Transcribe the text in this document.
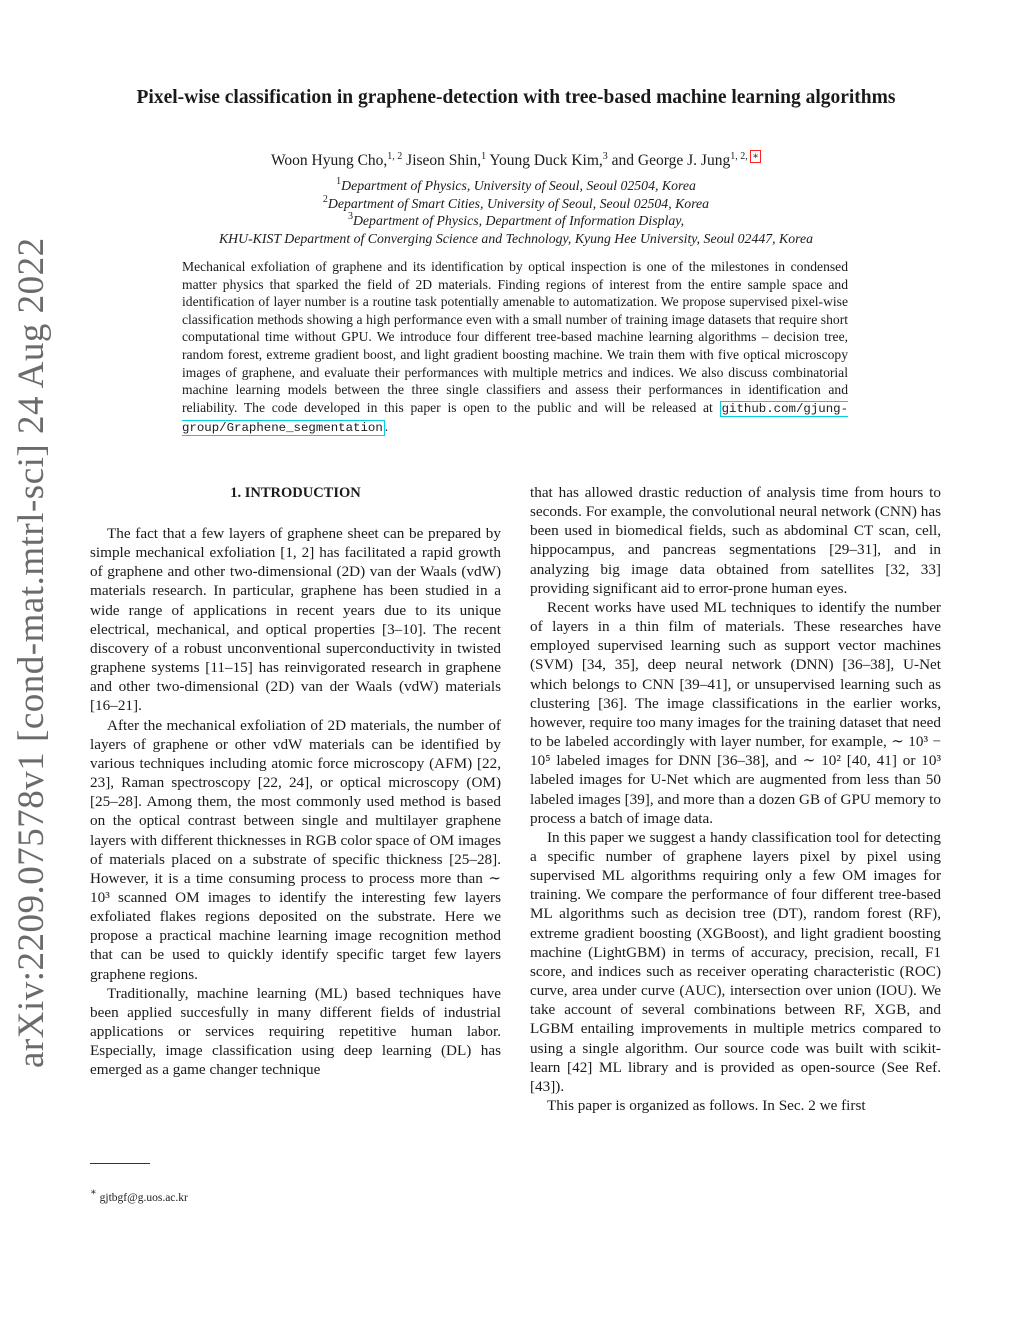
arXiv:2209.07578v1 [cond-mat.mtrl-sci] 24 Aug 2022
Pixel-wise classification in graphene-detection with tree-based machine learning algorithms
Woon Hyung Cho,$^{1, 2}$ Jiseon Shin,$^1$ Young Duck Kim,$^3$ and George J. Jung$^{1, 2, ∗}$
$^1$Department of Physics, University of Seoul, Seoul 02504, Korea
$^2$Department of Smart Cities, University of Seoul, Seoul 02504, Korea
$^3$Department of Physics, Department of Information Display,
KHU-KIST Department of Converging Science and Technology, Kyung Hee University, Seoul 02447, Korea
Mechanical exfoliation of graphene and its identification by optical inspection is one of the milestones in condensed matter physics that sparked the field of 2D materials. Finding regions of interest from the entire sample space and identification of layer number is a routine task potentially amenable to automatization. We propose supervised pixel-wise classification methods showing a high performance even with a small number of training image datasets that require short computational time without GPU. We introduce four different tree-based machine learning algorithms – decision tree, random forest, extreme gradient boost, and light gradient boosting machine. We train them with five optical microscopy images of graphene, and evaluate their performances with multiple metrics and indices. We also discuss combinatorial machine learning models between the three single classifiers and assess their performances in identification and reliability. The code developed in this paper is open to the public and will be released at github.com/gjung-group/Graphene_segmentation .
1. INTRODUCTION

The fact that a few layers of graphene sheet can be prepared by simple mechanical exfoliation [1, 2] has facilitated a rapid growth of graphene and other two-dimensional (2D) van der Waals (vdW) materials research. In particular, graphene has been studied in a wide range of applications in recent years due to its unique electrical, mechanical, and optical properties [3–10]. The recent discovery of a robust unconventional superconductivity in twisted graphene systems [11–15] has reinvigorated research in graphene and other two-dimensional (2D) van der Waals (vdW) materials [16–21].

After the mechanical exfoliation of 2D materials, the number of layers of graphene or other vdW materials can be identified by various techniques including atomic force microscopy (AFM) [22, 23], Raman spectroscopy [22, 24], or optical microscopy (OM) [25–28]. Among them, the most commonly used method is based on the optical contrast between single and multilayer graphene layers with different thicknesses in RGB color space of OM images of materials placed on a substrate of specific thickness [25–28]. However, it is a time consuming process to process more than ∼ 10³ scanned OM images to identify the interesting few layers exfoliated flakes regions deposited on the substrate. Here we propose a practical machine learning image recognition method that can be used to quickly identify specific target few layers graphene regions.

Traditionally, machine learning (ML) based techniques have been applied succesfully in many different fields of industrial applications or services requiring repetitive human labor. Especially, image classification using deep learning (DL) has emerged as a game changer technique

that has allowed drastic reduction of analysis time from hours to seconds. For example, the convolutional neural network (CNN) has been used in biomedical fields, such as abdominal CT scan, cell, hippocampus, and pancreas segmentations [29–31], and in analyzing big image data obtained from satellites [32, 33] providing significant aid to error-prone human eyes.

Recent works have used ML techniques to identify the number of layers in a thin film of materials. These researches have employed supervised learning such as support vector machines (SVM) [34, 35], deep neural network (DNN) [36–38], U-Net which belongs to CNN [39–41], or unsupervised learning such as clustering [36]. The image classifications in the earlier works, however, require too many images for the training dataset that need to be labeled accordingly with layer number, for example, ∼ 10³ − 10⁵ labeled images for DNN [36–38], and ∼ 10² [40, 41] or 10³ labeled images for U-Net which are augmented from less than 50 labeled images [39], and more than a dozen GB of GPU memory to process a batch of image data.

In this paper we suggest a handy classification tool for detecting a specific number of graphene layers pixel by pixel using supervised ML algorithms requiring only a few OM images for training. We compare the performance of four different tree-based ML algorithms such as decision tree (DT), random forest (RF), extreme gradient boosting (XGBoost), and light gradient boosting machine (LightGBM) in terms of accuracy, precision, recall, F1 score, and indices such as receiver operating characteristic (ROC) curve, area under curve (AUC), intersection over union (IOU). We take account of several combinations between RF, XGB, and LGBM entailing improvements in multiple metrics compared to using a single algorithm. Our source code was built with scikit-learn [42] ML library and is provided as open-source (See Ref. [43]).

This paper is organized as follows. In Sec. 2 we first

∗ gjtbgf@g.uos.ac.kr
